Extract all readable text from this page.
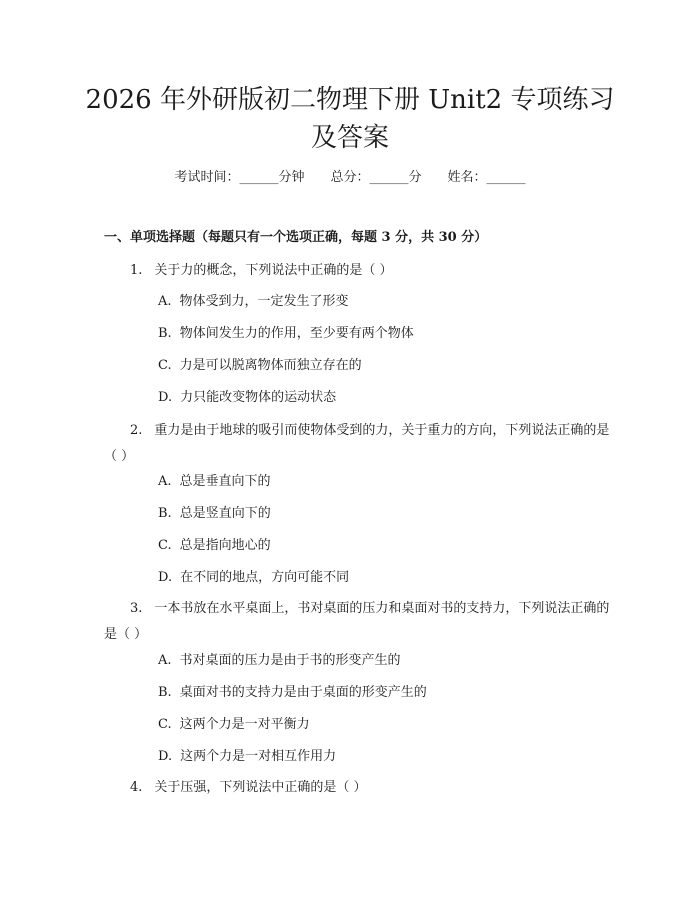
2026 年外研版初二物理下册 Unit2 专项练习
及答案
考试时间：______分钟 总分：______分 姓名：______
一、单项选择题（每题只有一个选项正确，每题 3 分，共 30 分）

1. 关于力的概念，下列说法中正确的是（ ）

A. 物体受到力，一定发生了形变

B. 物体间发生力的作用，至少要有两个物体

C. 力是可以脱离物体而独立存在的

D. 力只能改变物体的运动状态

2. 重力是由于地球的吸引而使物体受到的力，关于重力的方向，下列说法正确的是（ ）

A. 总是垂直向下的

B. 总是竖直向下的

C. 总是指向地心的

D. 在不同的地点，方向可能不同

3. 一本书放在水平桌面上，书对桌面的压力和桌面对书的支持力，下列说法正确的是（ ）

A. 书对桌面的压力是由于书的形变产生的

B. 桌面对书的支持力是由于桌面的形变产生的

C. 这两个力是一对平衡力

D. 这两个力是一对相互作用力

4. 关于压强，下列说法中正确的是（ ）
